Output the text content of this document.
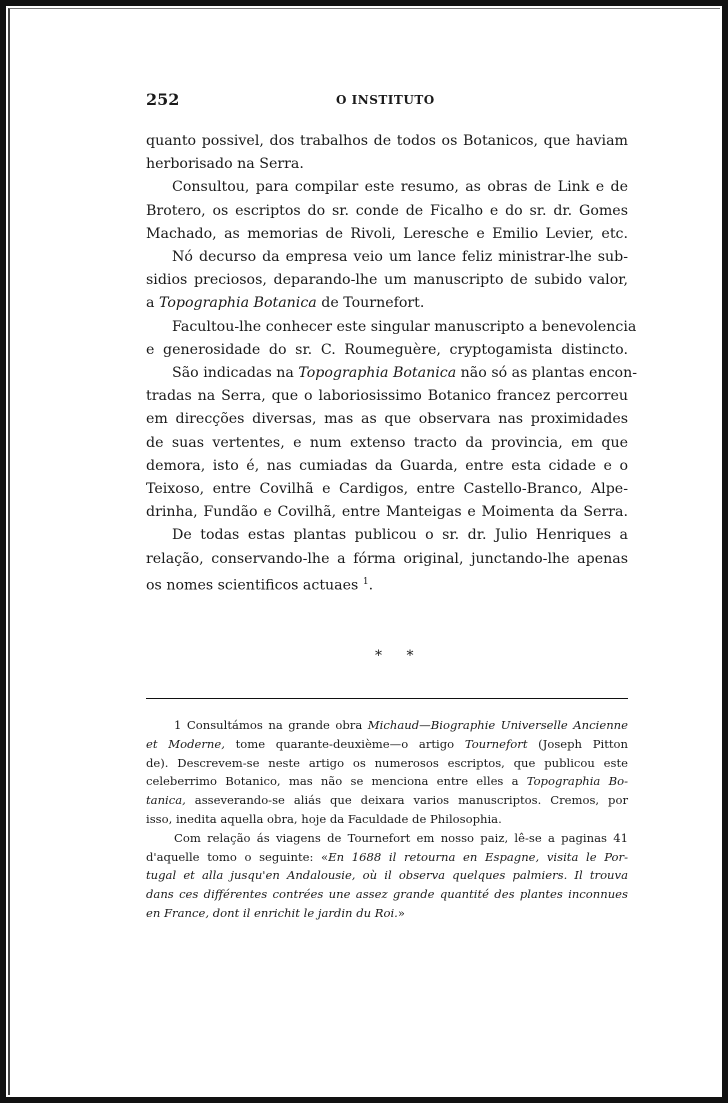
252	O INSTITUTO
quanto possivel, dos trabalhos de todos os Botanicos, que haviam
herborisado na Serra.
Consultou, para compilar este resumo, as obras de Link e de
Brotero, os escriptos do sr. conde de Ficalho e do sr. dr. Gomes
Machado, as memorias de Rivoli, Leresche e Emilio Levier, etc.
Nó decurso da empresa veio um lance feliz ministrar-lhe sub-
sidios preciosos, deparando-lhe um manuscripto de subido valor,
a Topographia Botanica de Tournefort.
Facultou-lhe conhecer este singular manuscripto a benevolencia
e generosidade do sr. C. Roumeguère, cryptogamista distincto.
São indicadas na Topographia Botanica não só as plantas encon-
tradas na Serra, que o laboriosissimo Botanico francez percorreu
em direcções diversas, mas as que observara nas proximidades
de suas vertentes, e num extenso tracto da provincia, em que
demora, isto é, nas cumiadas da Guarda, entre esta cidade e o
Teixoso, entre Covilhã e Cardigos, entre Castello-Branco, Alpe-
drinha, Fundão e Covilhã, entre Manteigas e Moimenta da Serra.
De todas estas plantas publicou o sr. dr. Julio Henriques a
relação, conservando-lhe a fórma original, junctando-lhe apenas
os nomes scientificos actuaes $^1$.
* *
1 Consultámos na grande obra Michaud—Biographie Universelle Ancienne
et Moderne, tome quarante-deuxième—o artigo Tournefort (Joseph Pitton
de). Descrevem-se neste artigo os numerosos escriptos, que publicou este
celeberrimo Botanico, mas não se menciona entre elles a Topographia Bo-
tanica, asseverando-se aliás que deixara varios manuscriptos. Cremos, por
isso, inedita aquella obra, hoje da Faculdade de Philosophia.
Com relação ás viagens de Tournefort em nosso paiz, lê-se a paginas 41
d'aquelle tomo o seguinte: «En 1688 il retourna en Espagne, visita le Por-
tugal et alla jusqu'en Andalousie, où il observa quelques palmiers. Il trouva
dans ces différentes contrées une assez grande quantité des plantes inconnues
en France, dont il enrichit le jardin du Roi.»
